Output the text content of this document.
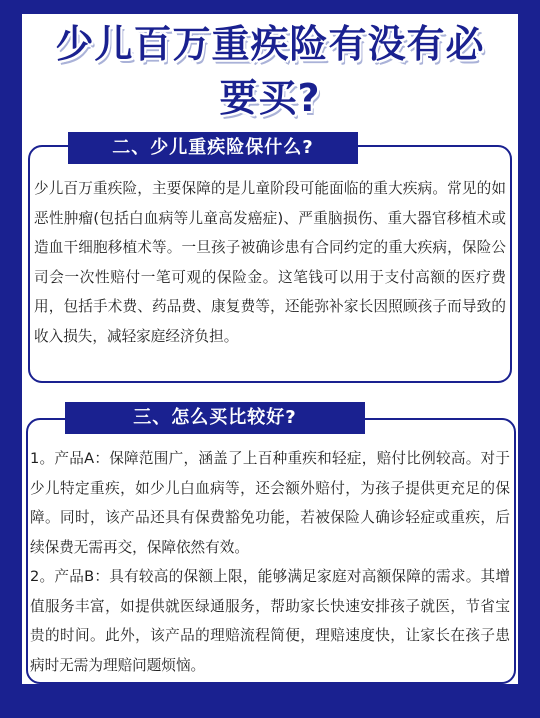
少儿百万重疾险有没有必
要买?
二、少儿重疾险保什么?

少儿百万重疾险，主要保障的是儿童阶段可能面临的重大疾病。常见的如恶性肿瘤(包括白血病等儿童高发癌症)、严重脑损伤、重大器官移植术或造血干细胞移植术等。一旦孩子被确诊患有合同约定的重大疾病，保险公司会一次性赔付一笔可观的保险金。这笔钱可以用于支付高额的医疗费用，包括手术费、药品费、康复费等，还能弥补家长因照顾孩子而导致的收入损失，减轻家庭经济负担。

三、怎么买比较好?

1。产品A：保障范围广，涵盖了上百种重疾和轻症，赔付比例较高。对于少儿特定重疾，如少儿白血病等，还会额外赔付，为孩子提供更充足的保障。同时，该产品还具有保费豁免功能，若被保险人确诊轻症或重疾，后续保费无需再交，保障依然有效。

2。产品B：具有较高的保额上限，能够满足家庭对高额保障的需求。其增值服务丰富，如提供就医绿通服务，帮助家长快速安排孩子就医，节省宝贵的时间。此外，该产品的理赔流程简便，理赔速度快，让家长在孩子患病时无需为理赔问题烦恼。
